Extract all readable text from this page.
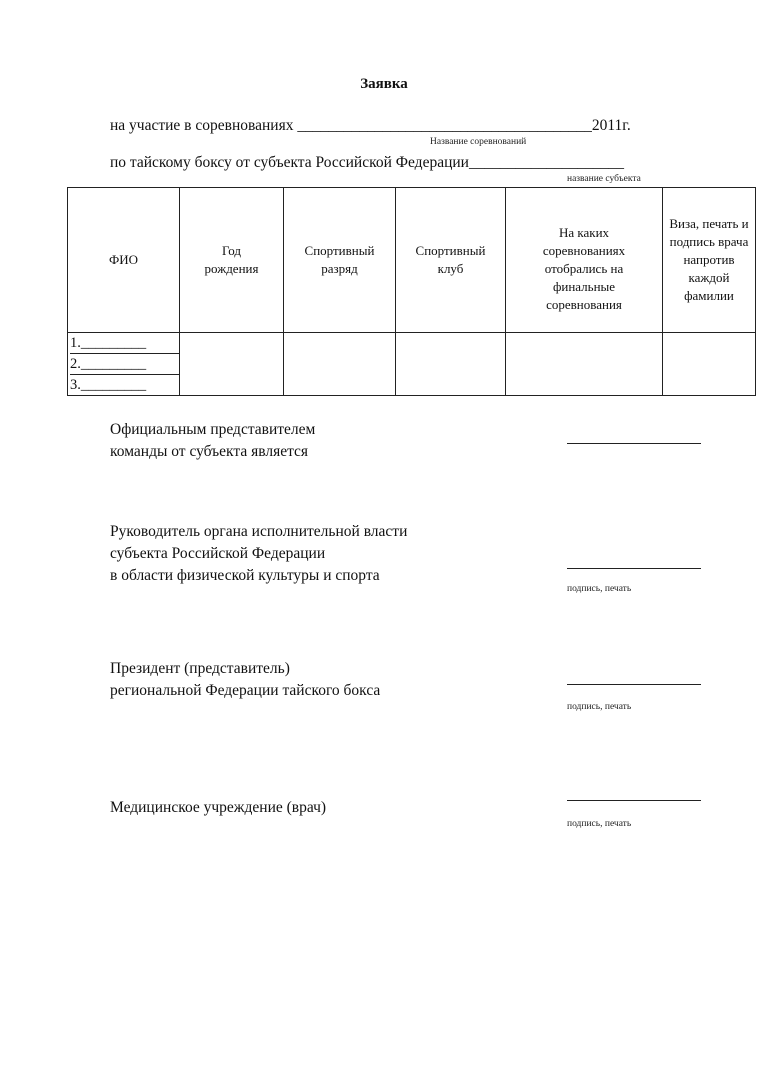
Заявка
на участие в соревнованиях ______________________________________2011г.
Название соревнований
по тайскому боксу от субъекта Российской Федерации____________________
название субъекта
ФИО	Год рождения	Спортивный разряд	Спортивный клуб	На каких соревнованиях отобрались на финальные соревнования	Виза, печать и подпись врача напротив каждой фамилии

1._________
2._________
3._________					

Официальным представителем
команды от субъекта является
Руководитель органа исполнительной власти
субъекта Российской Федерации
в области физической культуры и спорта
подпись, печать
Президент (представитель)
региональной Федерации тайского бокса
подпись, печать
Медицинское учреждение (врач)
подпись, печать
